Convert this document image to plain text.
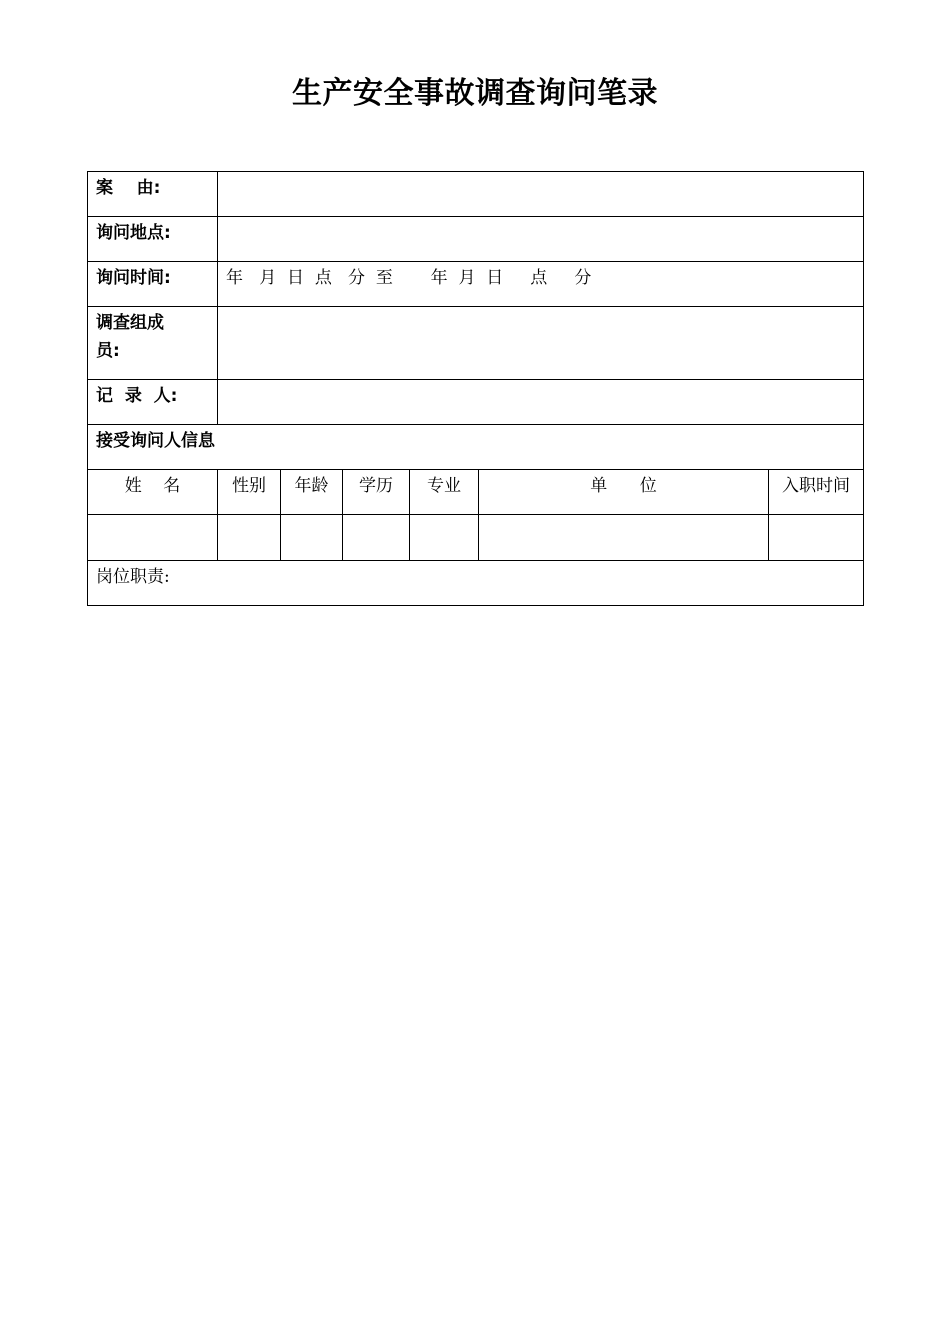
生产安全事故调查询问笔录
案    由:						
询问地点:						
询问时间:	年   月  日  点   分  至       年  月  日     点     分					

调查组成
员:						

记  录  人:						
接受询问人信息						
姓    名	性别	年龄	学历	专业	单      位	入职时间

岗位职责:						
